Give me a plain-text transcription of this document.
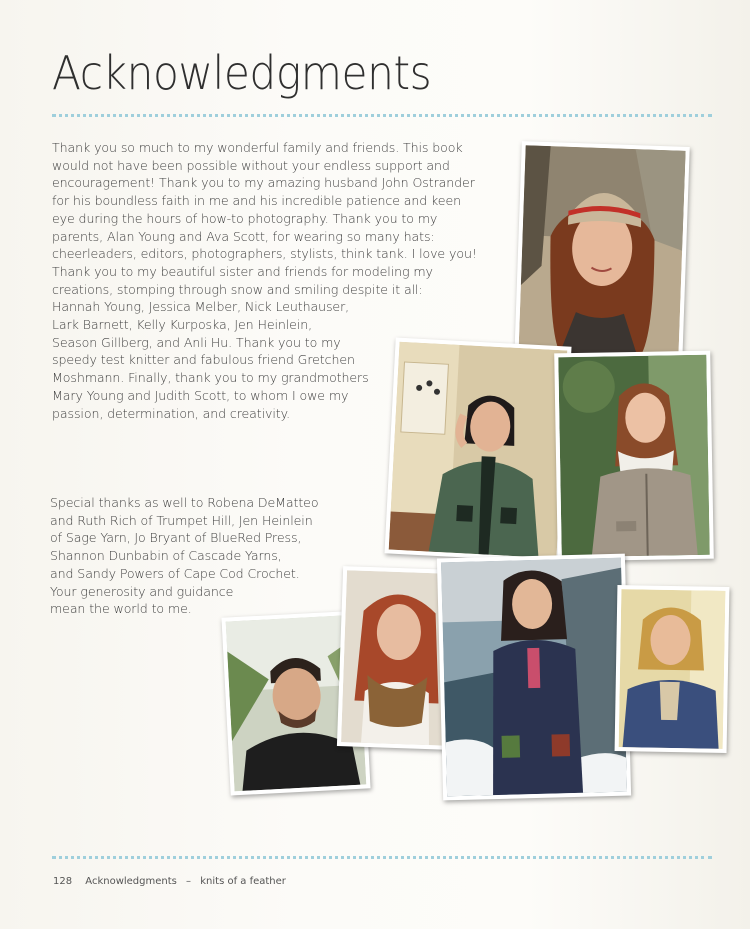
Acknowledgments
Thank you so much to my wonderful family and friends. This book
would not have been possible without your endless support and
encouragement! Thank you to my amazing husband John Ostrander
for his boundless faith in me and his incredible patience and keen
eye during the hours of how-to photography. Thank you to my
parents, Alan Young and Ava Scott, for wearing so many hats:
cheerleaders, editors, photographers, stylists, think tank. I love you!
Thank you to my beautiful sister and friends for modeling my
creations, stomping through snow and smiling despite it all:
Hannah Young, Jessica Melber, Nick Leuthauser,
Lark Barnett, Kelly Kurposka, Jen Heinlein,
Season Gillberg, and Anli Hu. Thank you to my
speedy test knitter and fabulous friend Gretchen
Moshmann. Finally, thank you to my grandmothers
Mary Young and Judith Scott, to whom I owe my
passion, determination, and creativity.
Special thanks as well to Robena DeMatteo
and Ruth Rich of Trumpet Hill, Jen Heinlein
of Sage Yarn, Jo Bryant of BlueRed Press,
Shannon Dunbabin of Cascade Yarns,
and Sandy Powers of Cape Cod Crochet.
Your generosity and guidance
mean the world to me.
128 Acknowledgments – knits of a feather
